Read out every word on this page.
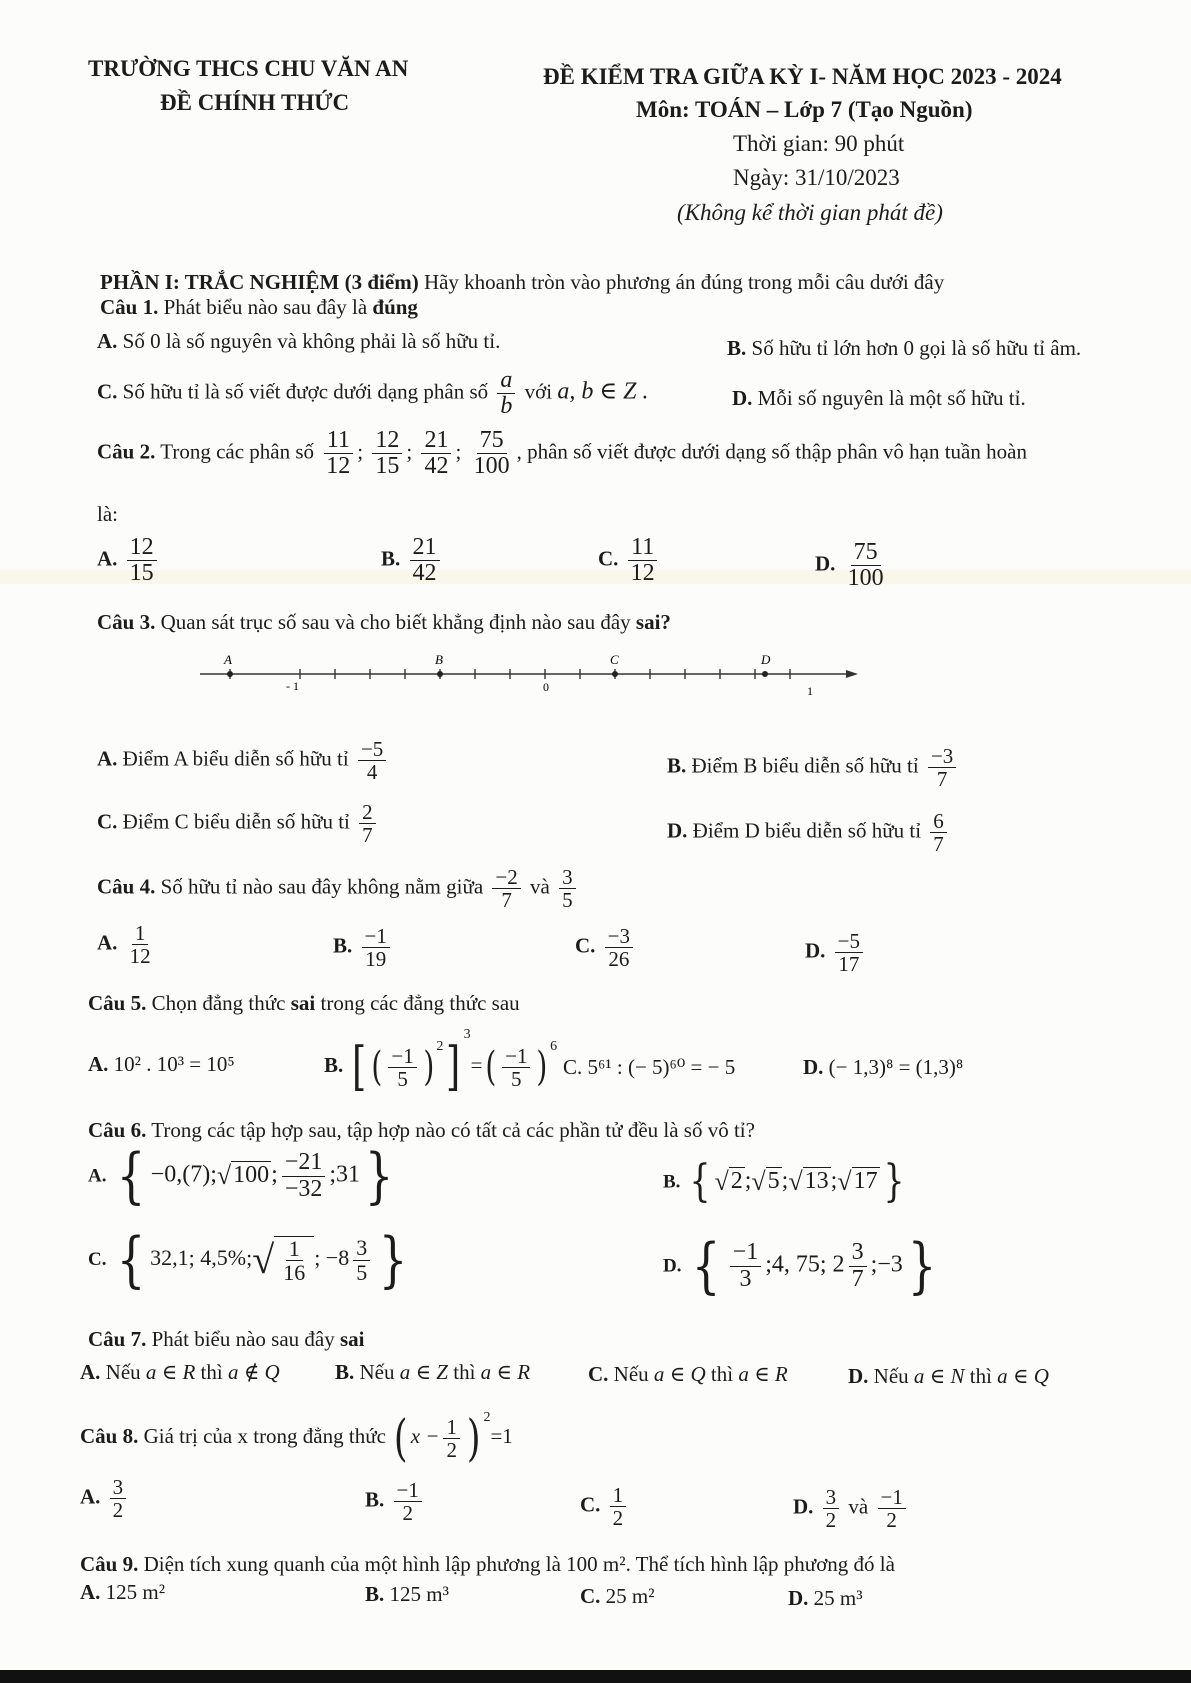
TRƯỜNG THCS CHU VĂN AN
ĐỀ CHÍNH THỨC
ĐỀ KIỂM TRA GIỮA KỲ I- NĂM HỌC 2023 - 2024
Môn: TOÁN – Lớp 7 (Tạo Nguồn)
Thời gian: 90 phút
Ngày: 31/10/2023
(Không kể thời gian phát đề)
PHẦN I: TRẮC NGHIỆM (3 điểm) Hãy khoanh tròn vào phương án đúng trong mỗi câu dưới đây
Câu 1. Phát biểu nào sau đây là đúng
A. Số 0 là số nguyên và không phải là số hữu tỉ.	B. Số hữu tỉ lớn hơn 0 gọi là số hữu tỉ âm.
C. Số hữu tỉ là số viết được dưới dạng phân số $\frac{a}{b}$ với a, b ∈ Z .	D. Mỗi số nguyên là một số hữu tỉ.
Câu 2. Trong các phân số $\frac{11}{12}$ ; $\frac{12}{15}$ ; $\frac{21}{42}$ ; $\frac{75}{100}$ , phân số viết được dưới dạng số thập phân vô hạn tuần hoàn
là:
A. $\frac{12}{15}$	B. $\frac{21}{42}$	C. $\frac{11}{12}$	D. $\frac{75}{100}$
Câu 3. Quan sát trục số sau và cho biết khẳng định nào sau đây sai?
A	B	C	D
- 1	0	1
A. Điểm A biểu diễn số hữu tỉ $\frac{-5}{4}$	B. Điểm B biểu diễn số hữu tỉ $\frac{-3}{7}$
C. Điểm C biểu diễn số hữu tỉ $\frac{2}{7}$	D. Điểm D biểu diễn số hữu tỉ $\frac{6}{7}$
Câu 4. Số hữu tỉ nào sau đây không nằm giữa $\frac{-2}{7}$ và $\frac{3}{5}$
A. $\frac{1}{12}$	B. $\frac{-1}{19}$	C. $\frac{-3}{26}$	D. $\frac{-5}{17}$
Câu 5. Chọn đẳng thức sai trong các đẳng thức sau
A. 10² . 10³ = 10⁵	B. [ ( $\frac{-1}{5}$ ) $^2]^3=( \frac{-1}{5}$ ) $^6$
C. 5⁶¹ : (− 5)⁶⁰ = − 5	D. (− 1,3)⁸ = (1,3)⁸
Câu 6. Trong các tập hợp sau, tập hợp nào có tất cả các phần tử đều là số vô tỉ?
A. { −0,(7); √ 100 ; $\frac{-21}{-32}$ ;31}	B. { √ 2 ; √ 5 ; √ 13 ; √ 17 }
C. { 32,1; 4,5%; √ $\frac{1}{16}$ ; $-8 \frac{3}{5}$ }	D. { $\frac{-1}{3}$ ;4, 75; $2 \frac{3}{7}$ ;−3}
Câu 7. Phát biểu nào sau đây sai
A. Nếu a ∈ R thì a ∉ Q	B. Nếu a ∈ Z thì a ∈ R	C. Nếu a ∈ Q thì a ∈ R	D. Nếu a ∈ N thì a ∈ Q
Câu 8. Giá trị của x trong đẳng thức ( $x - \frac{1}{2}$ ) $^2$=1
A. $\frac{3}{2}$	B. $\frac{-1}{2}$	C. $\frac{1}{2}$	D. $\frac{3}{2}$ và $\frac{-1}{2}$
Câu 9. Diện tích xung quanh của một hình lập phương là 100 m². Thể tích hình lập phương đó là
A. 125 m²	B. 125 m³	C. 25 m²	D. 25 m³
